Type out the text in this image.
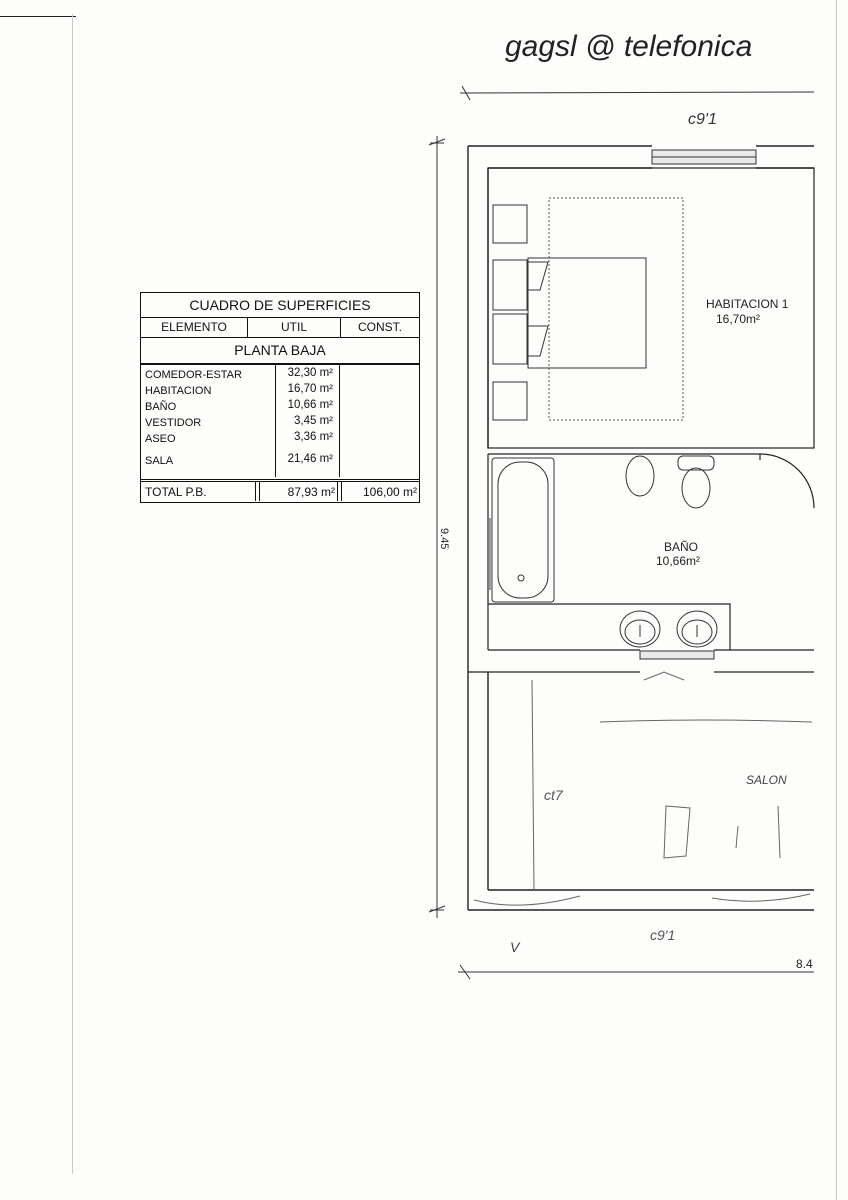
CUADRO DE SUPERFICIES
ELEMENTO	UTIL	CONST.
PLANTA BAJA
COMEDOR-ESTAR	32,30 m²
HABITACION	16,70 m²
BAÑO	10,66 m²
VESTIDOR	3,45 m²
ASEO	3,36 m²
SALA	21,46 m²
TOTAL P.B.	87,93 m²	106,00 m²
gagsl @ telefonica
c9'1
9.45
8.4
HABITACION 1
16,70m²
BAÑO
10,66m²
ct7
SALON
c9'1
V
